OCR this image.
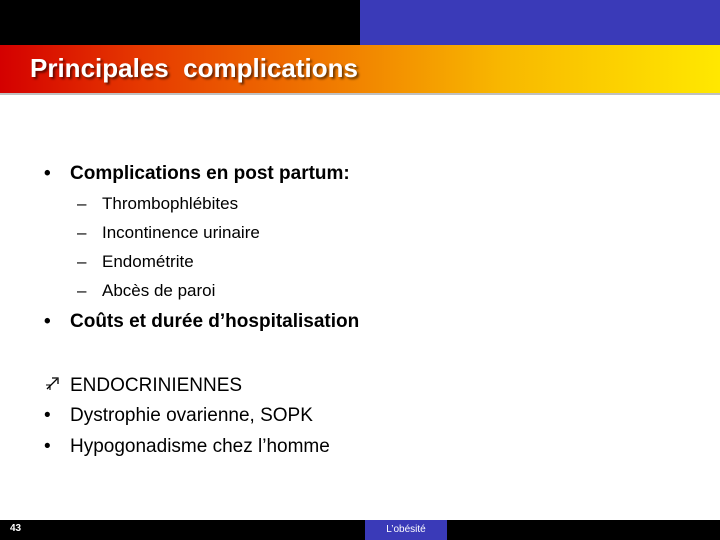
Principales  complications
•	Complications en post partum:
– Thrombophlébites
– Incontinence urinaire
– Endométrite
– Abcès de paroi
•	Coûts et durée d’hospitalisation
ENDOCRINIENNES
•	Dystrophie ovarienne, SOPK
•	Hypogonadisme chez l’homme
43	L’obésité
